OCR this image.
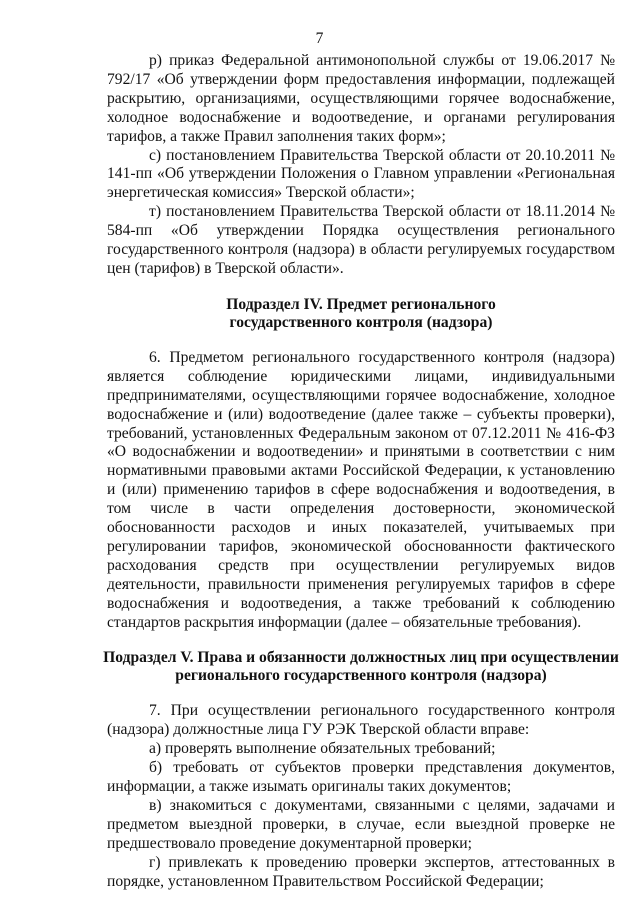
7

р) приказ Федеральной антимонопольной службы от 19.06.2017 № 792/17 «Об утверждении форм предоставления информации, подлежащей раскрытию, организациями, осуществляющими горячее водоснабжение, холодное водоснабжение и водоотведение, и органами регулирования тарифов, а также Правил заполнения таких форм»;

с) постановлением Правительства Тверской области от 20.10.2011 № 141-пп «Об утверждении Положения о Главном управлении «Региональная энергетическая комиссия» Тверской области»;

т) постановлением Правительства Тверской области от 18.11.2014 № 584-пп «Об утверждении Порядка осуществления регионального государственного контроля (надзора) в области регулируемых государством цен (тарифов) в Тверской области».

Подраздел IV. Предмет регионального

государственного контроля (надзора)

6. Предметом регионального государственного контроля (надзора) является соблюдение юридическими лицами, индивидуальными предпринимателями, осуществляющими горячее водоснабжение, холодное водоснабжение и (или) водоотведение (далее также – субъекты проверки), требований, установленных Федеральным законом от 07.12.2011 № 416-ФЗ «О водоснабжении и водоотведении» и принятыми в соответствии с ним нормативными правовыми актами Российской Федерации, к установлению и (или) применению тарифов в сфере водоснабжения и водоотведения, в том числе в части определения достоверности, экономической обоснованности расходов и иных показателей, учитываемых при регулировании тарифов, экономической обоснованности фактического расходования средств при осуществлении регулируемых видов деятельности, правильности применения регулируемых тарифов в сфере водоснабжения и водоотведения, а также требований к соблюдению стандартов раскрытия информации (далее – обязательные требования).

Подраздел V. Права и обязанности должностных лиц при осуществлении

регионального государственного контроля (надзора)

7. При осуществлении регионального государственного контроля (надзора) должностные лица ГУ РЭК Тверской области вправе:

а) проверять выполнение обязательных требований;

б) требовать от субъектов проверки представления документов, информации, а также изымать оригиналы таких документов;

в) знакомиться с документами, связанными с целями, задачами и предметом выездной проверки, в случае, если выездной проверке не предшествовало проведение документарной проверки;

г) привлекать к проведению проверки экспертов, аттестованных в порядке, установленном Правительством Российской Федерации;
